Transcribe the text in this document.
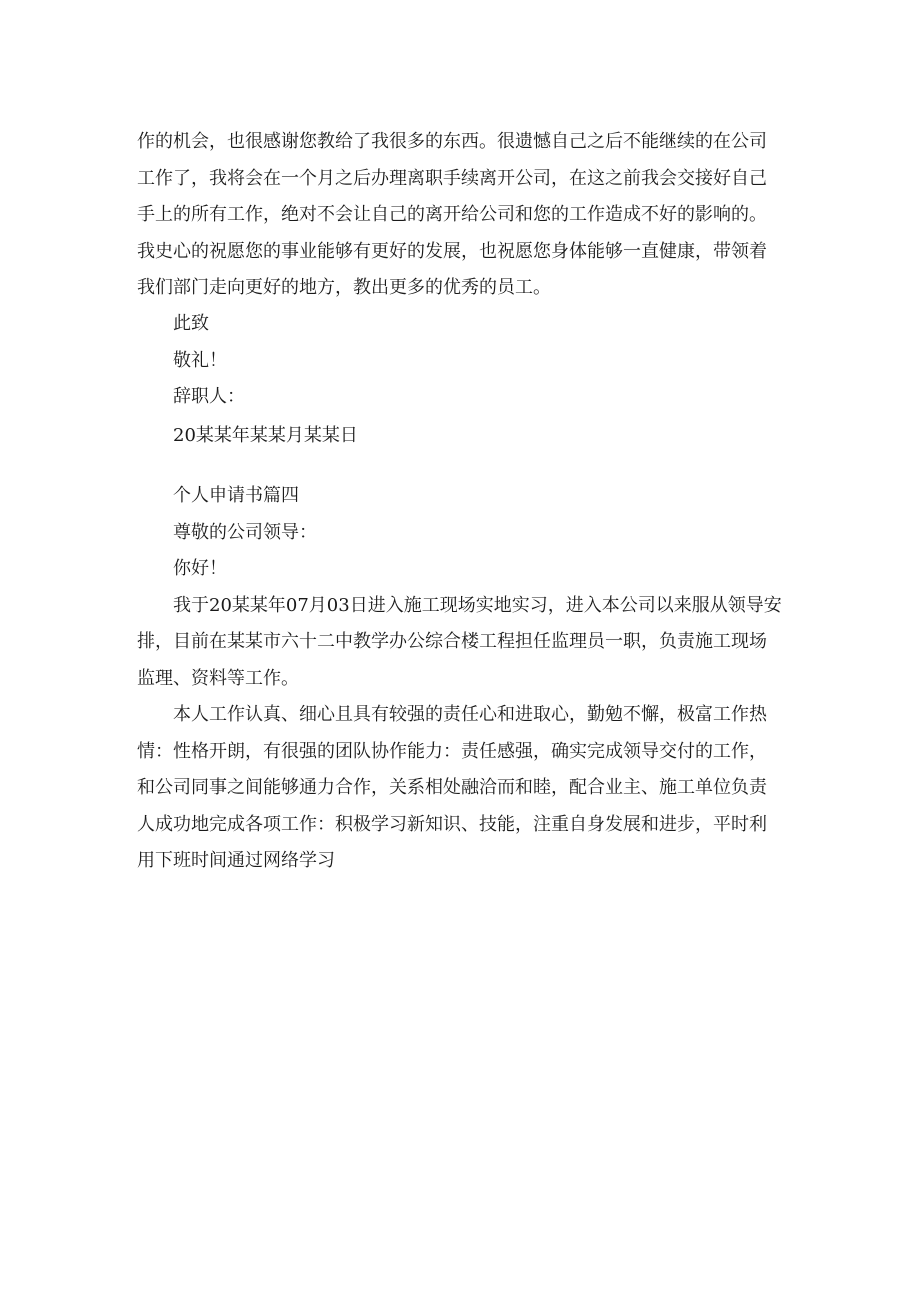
作的机会，也很感谢您教给了我很多的东西。很遗憾自己之后不能继续的在公司
工作了，我将会在一个月之后办理离职手续离开公司，在这之前我会交接好自己
手上的所有工作，绝对不会让自己的离开给公司和您的工作造成不好的影响的。
我史心的祝愿您的事业能够有更好的发展，也祝愿您身体能够一直健康，带领着
我们部门走向更好的地方，教出更多的优秀的员工。
此致
敬礼！
辞职人：
20某某年某某月某某日
个人申请书篇四
尊敬的公司领导：
你好！
我于20某某年07月03日进入施工现场实地实习，进入本公司以来服从领导安
排，目前在某某市六十二中教学办公综合楼工程担任监理员一职，负责施工现场
监理、资料等工作。
本人工作认真、细心且具有较强的责任心和进取心，勤勉不懈，极富工作热
情：性格开朗，有很强的团队协作能力：责任感强，确实完成领导交付的工作，
和公司同事之间能够通力合作，关系相处融洽而和睦，配合业主、施工单位负责
人成功地完成各项工作：积极学习新知识、技能，注重自身发展和进步，平时利
用下班时间通过网络学习
